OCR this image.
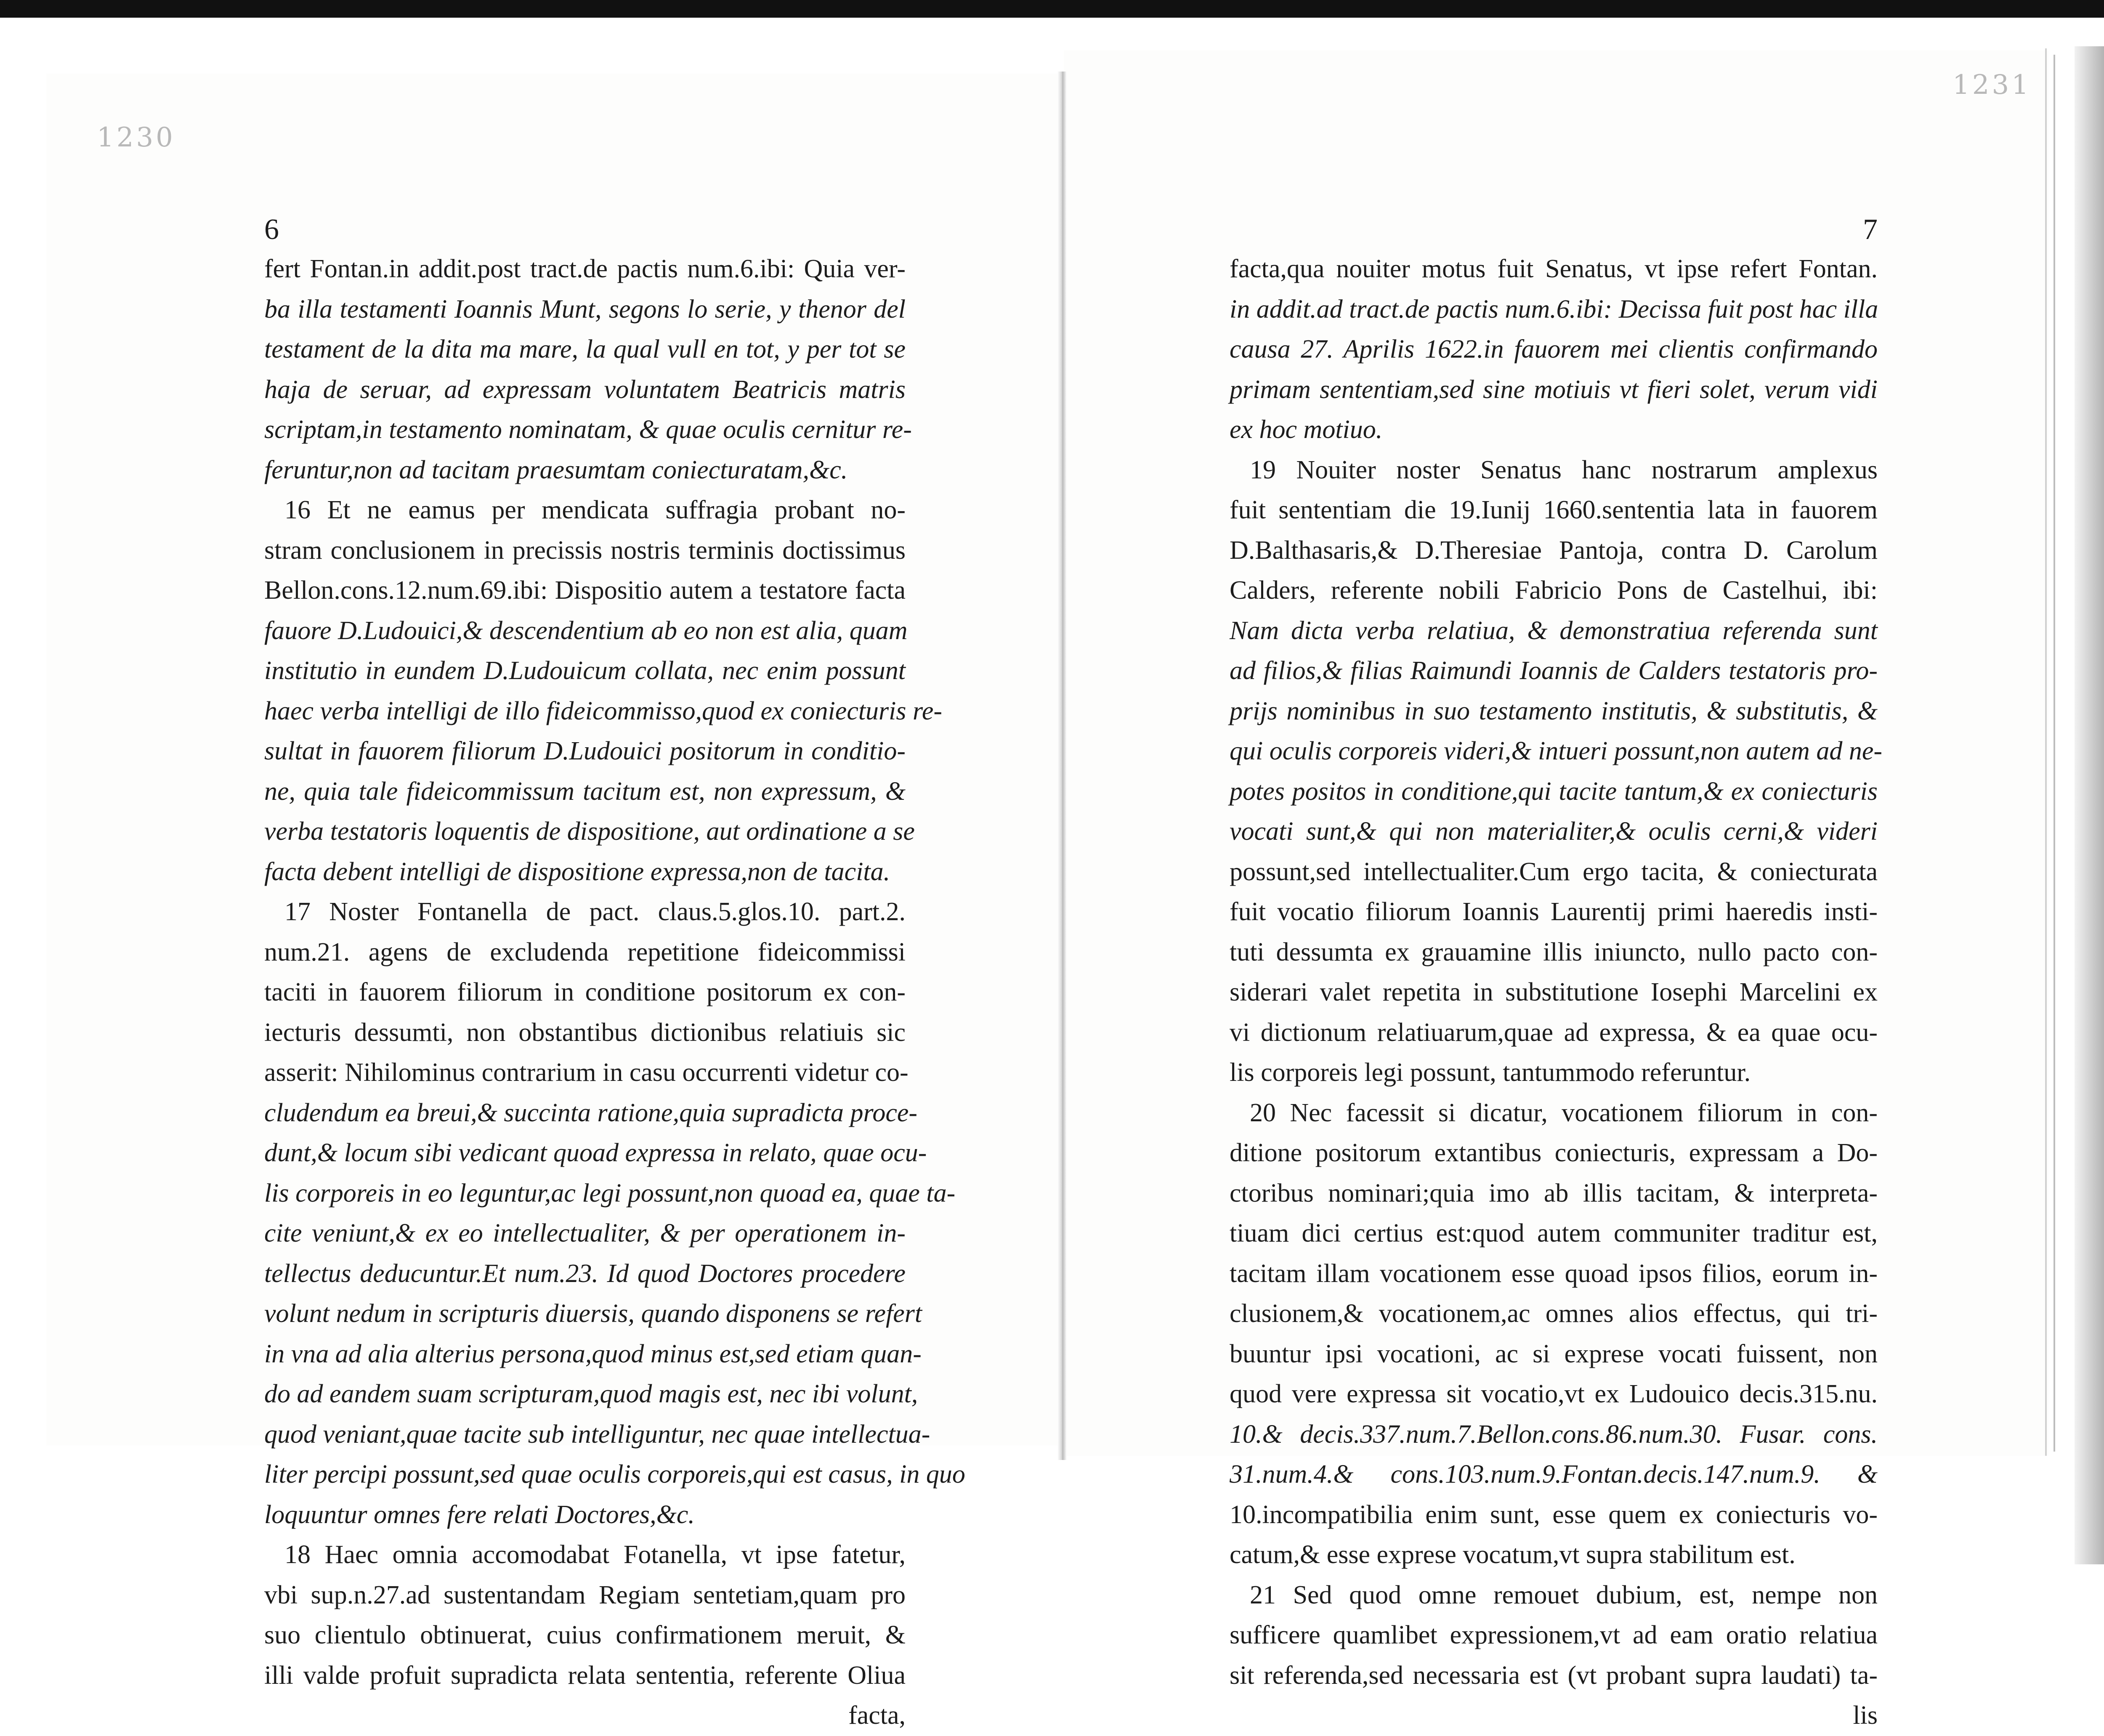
1230
1231
6
fert Fontan.in addit.post tract.de pactis num.6.ibi: Quia ver-
ba illa testamenti Ioannis Munt, segons lo serie, y thenor del
testament de la dita ma mare, la qual vull en tot, y per tot se
haja de seruar, ad expressam voluntatem Beatricis matris
scriptam,in testamento nominatam, & quae oculis cernitur re-
feruntur,non ad tacitam praesumtam coniecturatam,&c.
16 Et ne eamus per mendicata suffragia probant no-
stram conclusionem in precissis nostris terminis doctissimus
Bellon.cons.12.num.69.ibi: Dispositio autem a testatore facta
fauore D.Ludouici,& descendentium ab eo non est alia, quam
institutio in eundem D.Ludouicum collata, nec enim possunt
haec verba intelligi de illo fideicommisso,quod ex coniecturis re-
sultat in fauorem filiorum D.Ludouici positorum in conditio-
ne, quia tale fideicommissum tacitum est, non expressum, &
verba testatoris loquentis de dispositione, aut ordinatione a se
facta debent intelligi de dispositione expressa,non de tacita.
17 Noster Fontanella de pact. claus.5.glos.10. part.2.
num.21. agens de excludenda repetitione fideicommissi
taciti in fauorem filiorum in conditione positorum ex con-
iecturis dessumti, non obstantibus dictionibus relatiuis sic
asserit: Nihilominus contrarium in casu occurrenti videtur co-
cludendum ea breui,& succinta ratione,quia supradicta proce-
dunt,& locum sibi vedicant quoad expressa in relato, quae ocu-
lis corporeis in eo leguntur,ac legi possunt,non quoad ea, quae ta-
cite veniunt,& ex eo intellectualiter, & per operationem in-
tellectus deducuntur.Et num.23. Id quod Doctores procedere
volunt nedum in scripturis diuersis, quando disponens se refert
in vna ad alia alterius persona,quod minus est,sed etiam quan-
do ad eandem suam scripturam,quod magis est, nec ibi volunt,
quod veniant,quae tacite sub intelliguntur, nec quae intellectua-
liter percipi possunt,sed quae oculis corporeis,qui est casus, in quo
loquuntur omnes fere relati Doctores,&c.
18 Haec omnia accomodabat Fotanella, vt ipse fatetur,
vbi sup.n.27.ad sustentandam Regiam sentetiam,quam pro
suo clientulo obtinuerat, cuius confirmationem meruit, &
illi valde profuit supradicta relata sententia, referente Oliua
facta,
7
facta,qua nouiter motus fuit Senatus, vt ipse refert Fontan.
in addit.ad tract.de pactis num.6.ibi: Decissa fuit post hac illa
causa 27. Aprilis 1622.in fauorem mei clientis confirmando
primam sententiam,sed sine motiuis vt fieri solet, verum vidi
ex hoc motiuo.
19 Nouiter noster Senatus hanc nostrarum amplexus
fuit sententiam die 19.Iunij 1660.sententia lata in fauorem
D.Balthasaris,& D.Theresiae Pantoja, contra D. Carolum
Calders, referente nobili Fabricio Pons de Castelhui, ibi:
Nam dicta verba relatiua, & demonstratiua referenda sunt
ad filios,& filias Raimundi Ioannis de Calders testatoris pro-
prijs nominibus in suo testamento institutis, & substitutis, &
qui oculis corporeis videri,& intueri possunt,non autem ad ne-
potes positos in conditione,qui tacite tantum,& ex coniecturis
vocati sunt,& qui non materialiter,& oculis cerni,& videri
possunt,sed intellectualiter.Cum ergo tacita, & coniecturata
fuit vocatio filiorum Ioannis Laurentij primi haeredis insti-
tuti dessumta ex grauamine illis iniuncto, nullo pacto con-
siderari valet repetita in substitutione Iosephi Marcelini ex
vi dictionum relatiuarum,quae ad expressa, & ea quae ocu-
lis corporeis legi possunt, tantummodo referuntur.
20 Nec facessit si dicatur, vocationem filiorum in con-
ditione positorum extantibus coniecturis, expressam a Do-
ctoribus nominari;quia imo ab illis tacitam, & interpreta-
tiuam dici certius est:quod autem communiter traditur est,
tacitam illam vocationem esse quoad ipsos filios, eorum in-
clusionem,& vocationem,ac omnes alios effectus, qui tri-
buuntur ipsi vocationi, ac si exprese vocati fuissent, non
quod vere expressa sit vocatio,vt ex Ludouico decis.315.nu.
10.& decis.337.num.7.Bellon.cons.86.num.30. Fusar. cons.
31.num.4.& cons.103.num.9.Fontan.decis.147.num.9. &
10.incompatibilia enim sunt, esse quem ex coniecturis vo-
catum,& esse exprese vocatum,vt supra stabilitum est.
21 Sed quod omne remouet dubium, est, nempe non
sufficere quamlibet expressionem,vt ad eam oratio relatiua
sit referenda,sed necessaria est (vt probant supra laudati) ta-
lis
